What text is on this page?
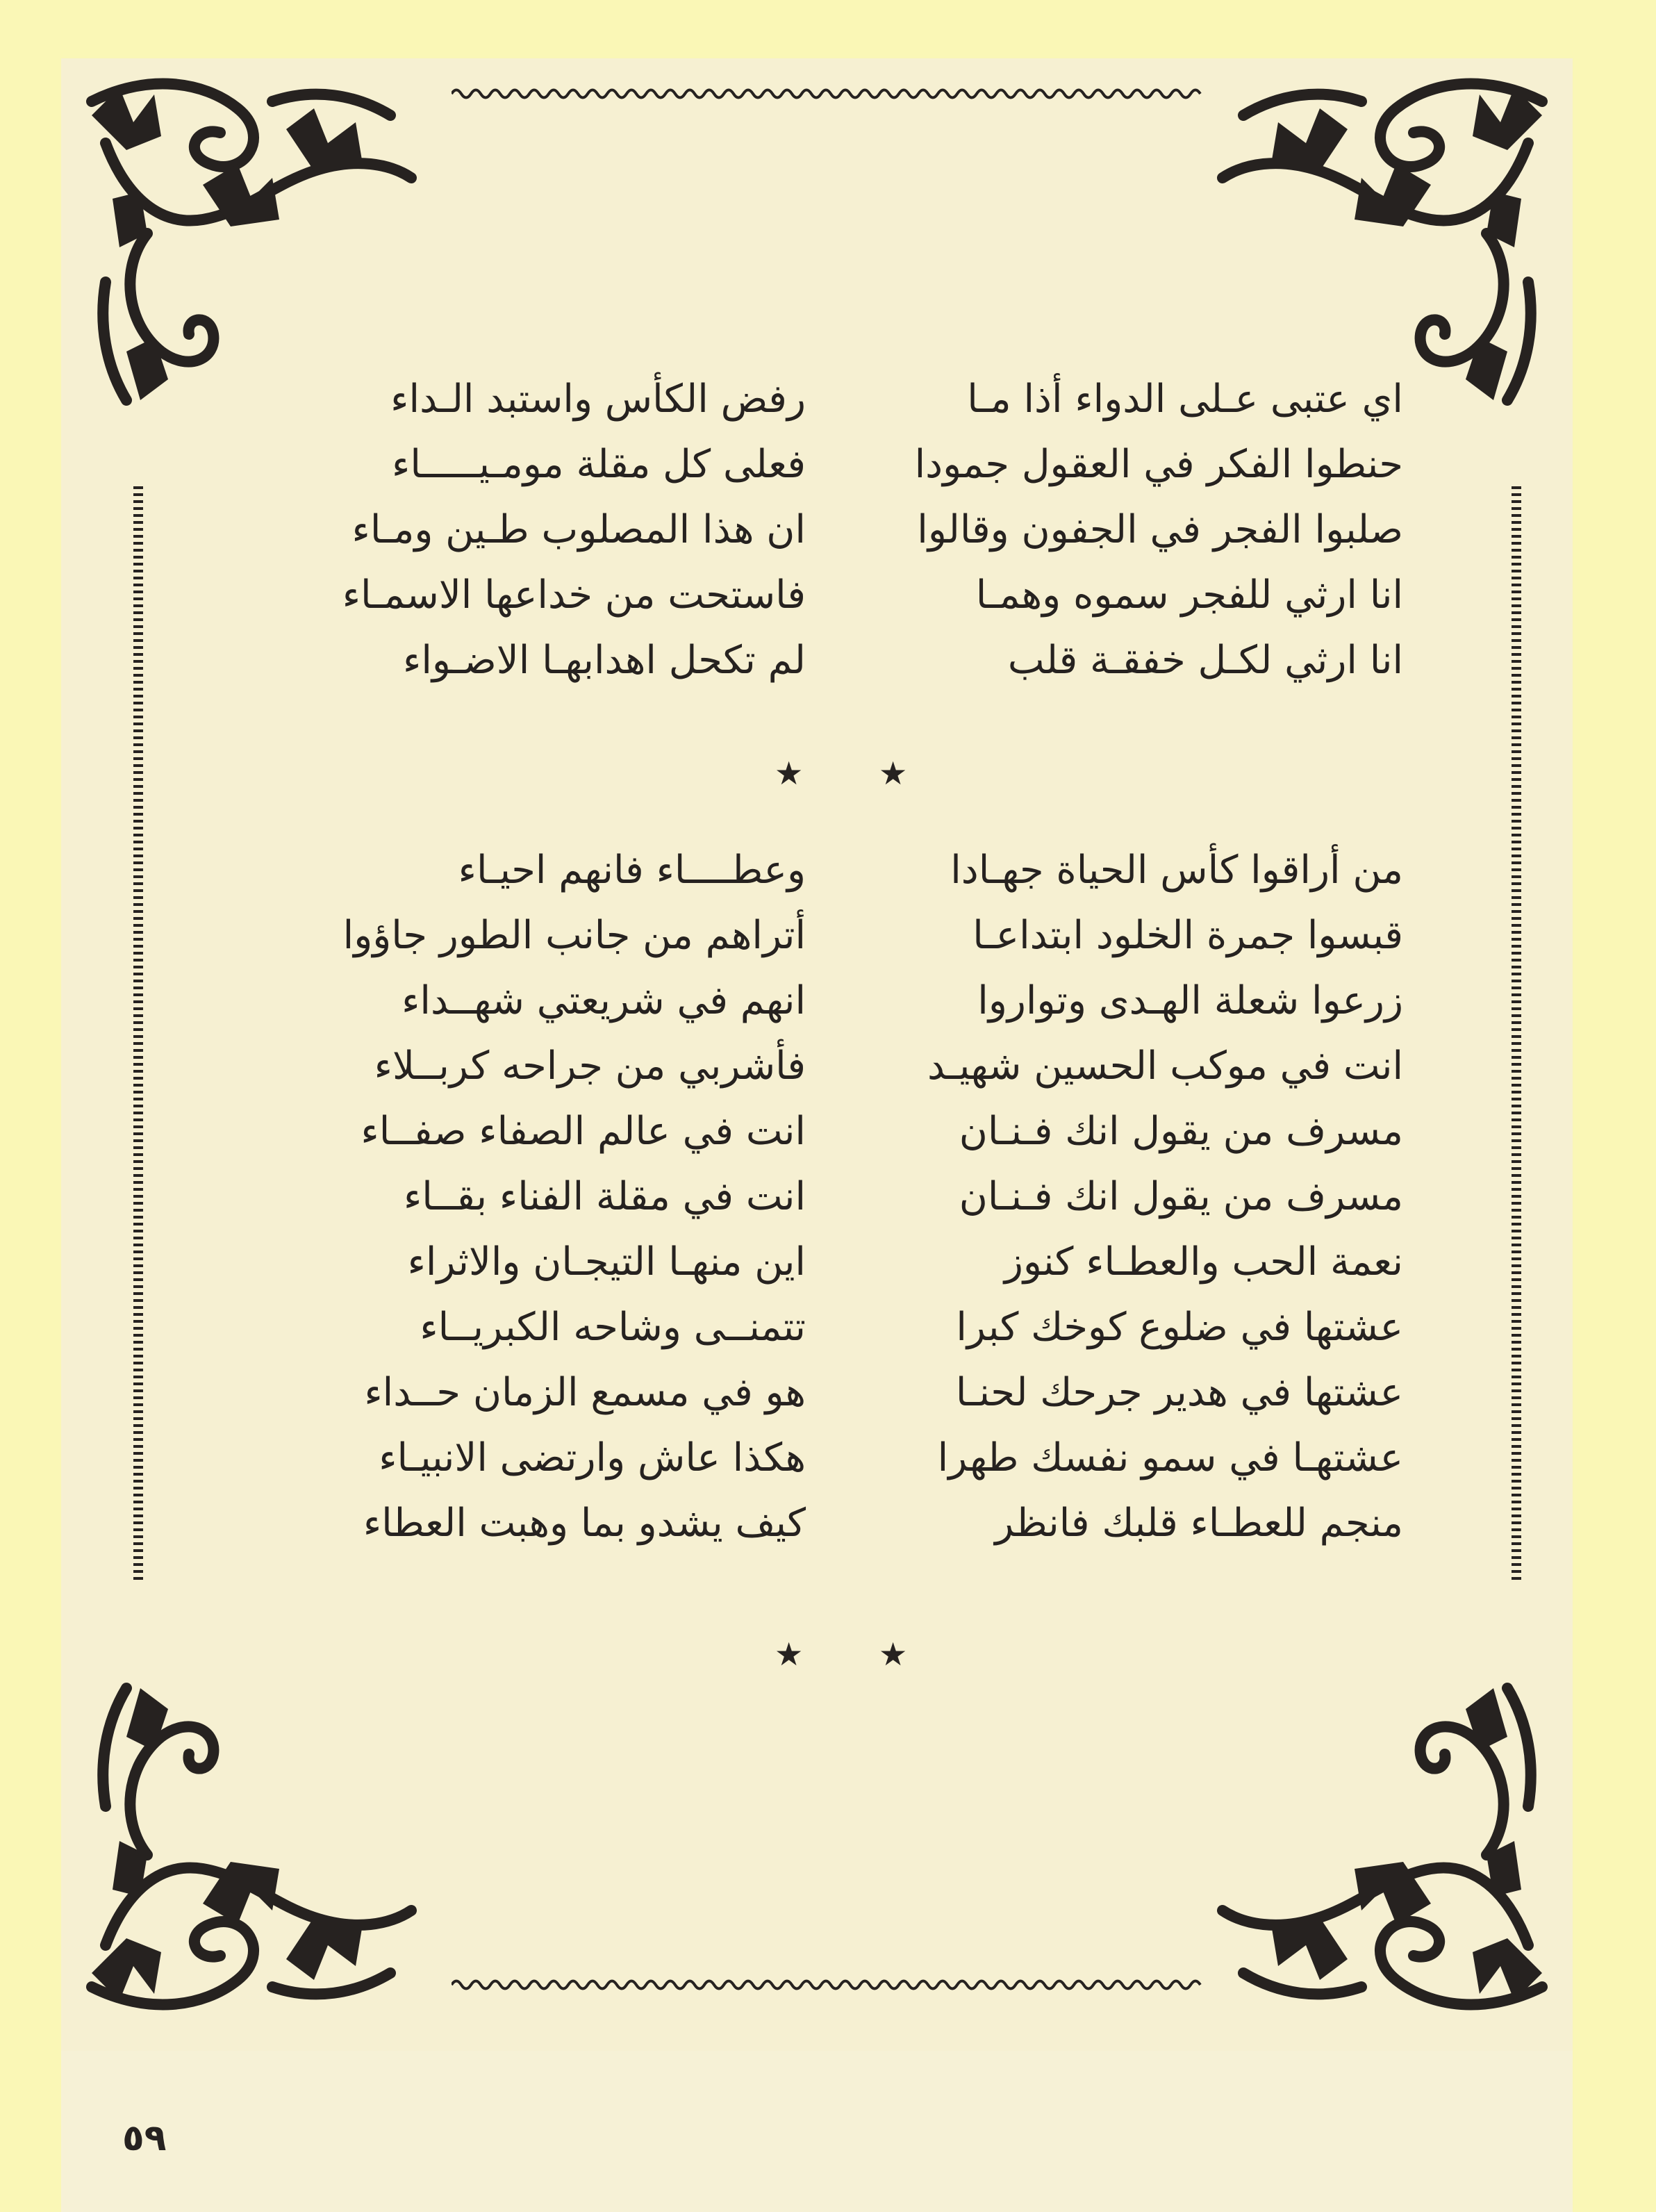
اي عتبى عـلى الدواء أذا مـا
حنطوا الفكر في العقول جمودا
صلبوا الفجر في الجفون وقالوا
انا ارثي للفجر سموه وهمـا
انا ارثي لكـل خفقـة قلب
رفض الكأس واستبد الـداء
فعلى كل مقلة مومـيـــــاء
ان هذا المصلوب طـين ومـاء
فاستحت من خداعها الاسمـاء
لم تكحل اهدابهـا الاضـواء
★ ★
من أراقوا كأس الحياة جهـادا
قبسوا جمرة الخلود ابتداعـا
زرعوا شعلة الهـدى وتواروا
انت في موكب الحسين شهيـد
مسرف من يقول انك فـنـان
مسرف من يقول انك فـنـان
نعمة الحب والعطـاء كنوز
عشتها في ضلوع كوخك كبرا
عشتها في هدير جرحك لحنـا
عشتهـا في سمو نفسك طهرا
منجم للعطـاء قلبك فانظر
وعطــــاء فانهم احيـاء
أتراهم من جانب الطور جاؤوا
انهم في شريعتي شهــداء
فأشربي من جراحه كربــلاء
انت في عالم الصفاء صفــاء
انت في مقلة الفناء بقــاء
اين منهـا التيجـان والاثراء
تتمنــى وشاحه الكبريــاء
هو في مسمع الزمان حــداء
هكذا عاش وارتضى الانبيـاء
كيف يشدو بما وهبت العطاء
★ ★
٥٩
